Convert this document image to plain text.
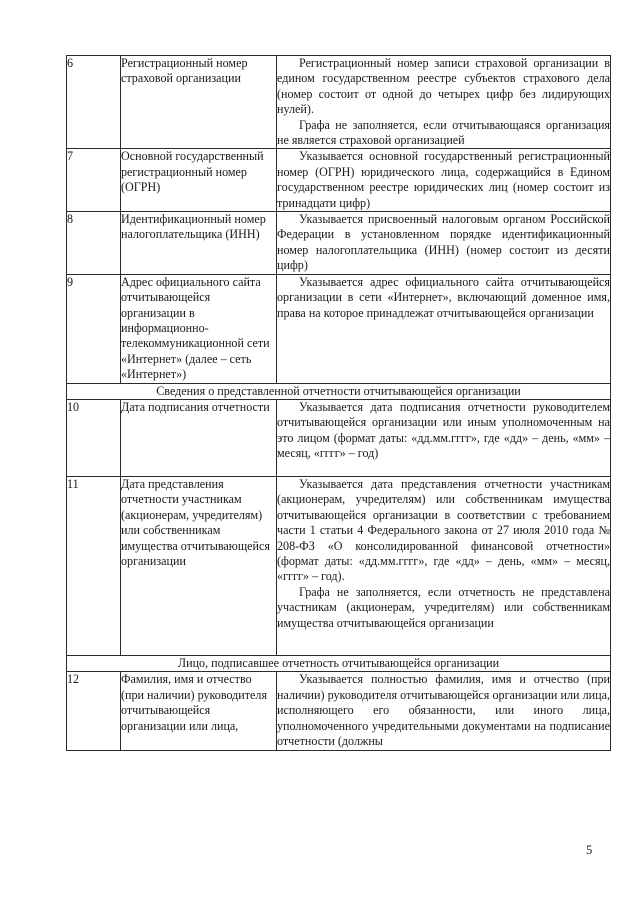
6	Регистрационный номер страховой организации	Регистрационный номер записи страховой организации в едином государственном реестре субъектов страхового дела (номер состоит от одной до четырех цифр без лидирующих нулей).

Графа не заполняется, если отчитывающаяся организация не является страховой организацией

7	Основной государственный регистрационный номер (ОГРН)	Указывается основной государственный регистрационный номер (ОГРН) юридического лица, содержащийся в Едином государственном реестре юридических лиц (номер состоит из тринадцати цифр)

8	Идентификационный номер налогоплательщика (ИНН)	Указывается присвоенный налоговым органом Российской Федерации в установленном порядке идентификационный номер налогоплательщика (ИНН) (номер состоит из десяти цифр)

9	Адрес официального сайта отчитывающейся организации в информационно-телекоммуникационной сети «Интернет» (далее – сеть «Интернет»)	Указывается адрес официального сайта отчитывающейся организации в сети «Интернет», включающий доменное имя, права на которое принадлежат отчитывающейся организации

Сведения о представленной отчетности отчитывающейся организации		
10	Дата подписания отчетности	Указывается дата подписания отчетности руководителем отчитывающейся организации или иным уполномоченным на это лицом (формат даты: «дд.мм.гггг», где «дд» – день, «мм» – месяц, «гггг» – год)

11	Дата представления отчетности участникам (акционерам, учредителям) или собственникам имущества отчитывающейся организации	Указывается дата представления отчетности участникам (акционерам, учредителям) или собственникам имущества отчитывающейся организации в соответствии с требованием части 1 статьи 4 Федерального закона от 27 июля 2010 года № 208-ФЗ «О консолидированной финансовой отчетности» (формат даты: «дд.мм.гггг», где «дд» – день, «мм» – месяц, «гггг» – год).

Графа не заполняется, если отчетность не представлена участникам (акционерам, учредителям) или собственникам имущества отчитывающейся организации

Лицо, подписавшее отчетность отчитывающейся организации		
12	Фамилия, имя и отчество (при наличии) руководителя отчитывающейся организации или лица,	Указывается полностью фамилия, имя и отчество (при наличии) руководителя отчитывающейся организации или лица, исполняющего его обязанности, или иного лица, уполномоченного учредительными документами на подписание отчетности (должны

5
